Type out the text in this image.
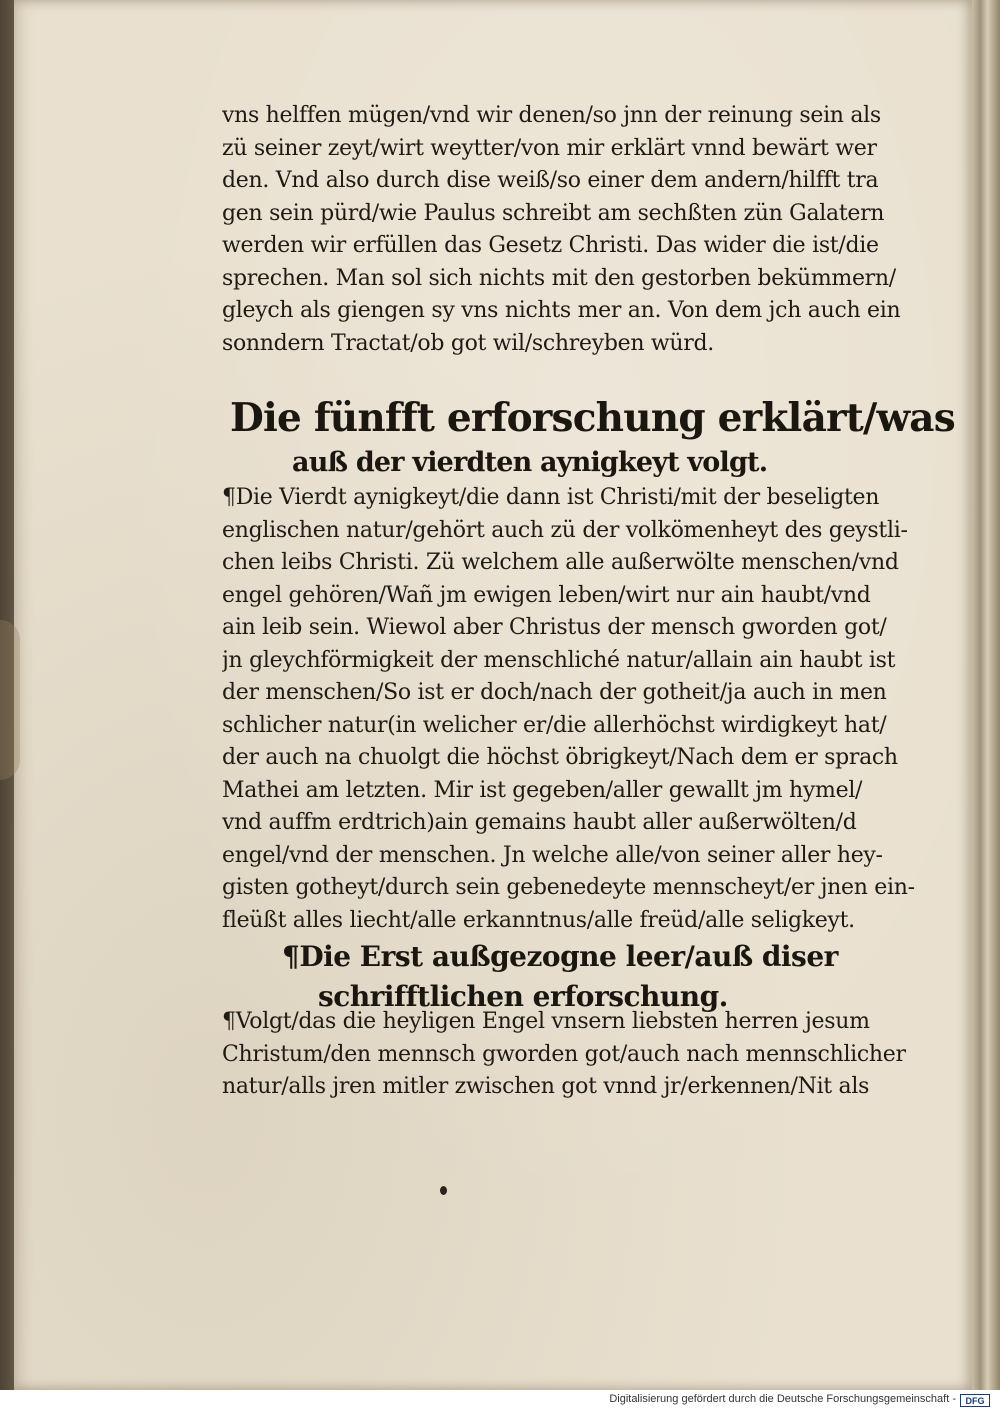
vns helffen mügen/vnd wir denen/so jnn der reinung sein als
zü seiner zeyt/wirt weytter/von mir erklärt vnnd bewärt wer
den. Vnd also durch dise weiß/so einer dem andern/hilfft tra
gen sein pürd/wie Paulus schreibt am sechßten zün Galatern
werden wir erfüllen das Gesetz Christi. Das wider die ist/die
sprechen. Man sol sich nichts mit den gestorben bekümmern/
gleych als giengen sy vns nichts mer an. Von dem jch auch ein
sonndern Tractat/ob got wil/schreyben würd.
Die fünfft erforschung erklärt/was
auß der vierdten aynigkeyt volgt.
¶Die Vierdt aynigkeyt/die dann ist Christi/mit der beseligten
englischen natur/gehört auch zü der volkömenheyt des geystli-
chen leibs Christi. Zü welchem alle außerwölte menschen/vnd
engel gehören/Wañ jm ewigen leben/wirt nur ain haubt/vnd
ain leib sein. Wiewol aber Christus der mensch gworden got/
jn gleychförmigkeit der menschliché natur/allain ain haubt ist
der menschen/So ist er doch/nach der gotheit/ja auch in men
schlicher natur(in welicher er/die allerhöchst wirdigkeyt hat/
der auch na chuolgt die höchst öbrigkeyt/Nach dem er sprach
Mathei am letzten. Mir ist gegeben/aller gewallt jm hymel/
vnd auffm erdtrich)ain gemains haubt aller außerwölten/d
engel/vnd der menschen. Jn welche alle/von seiner aller hey-
gisten gotheyt/durch sein gebenedeyte mennscheyt/er jnen ein-
fleüßt alles liecht/alle erkanntnus/alle freüd/alle seligkeyt.
¶Die Erst außgezogne leer/auß diser
schrifftlichen erforschung.
¶Volgt/das die heyligen Engel vnsern liebsten herren jesum
Christum/den mennsch gworden got/auch nach mennschlicher
natur/alls jren mitler zwischen got vnnd jr/erkennen/Nit als
Digitalisierung gefördert durch die Deutsche Forschungsgemeinschaft -	DFG
